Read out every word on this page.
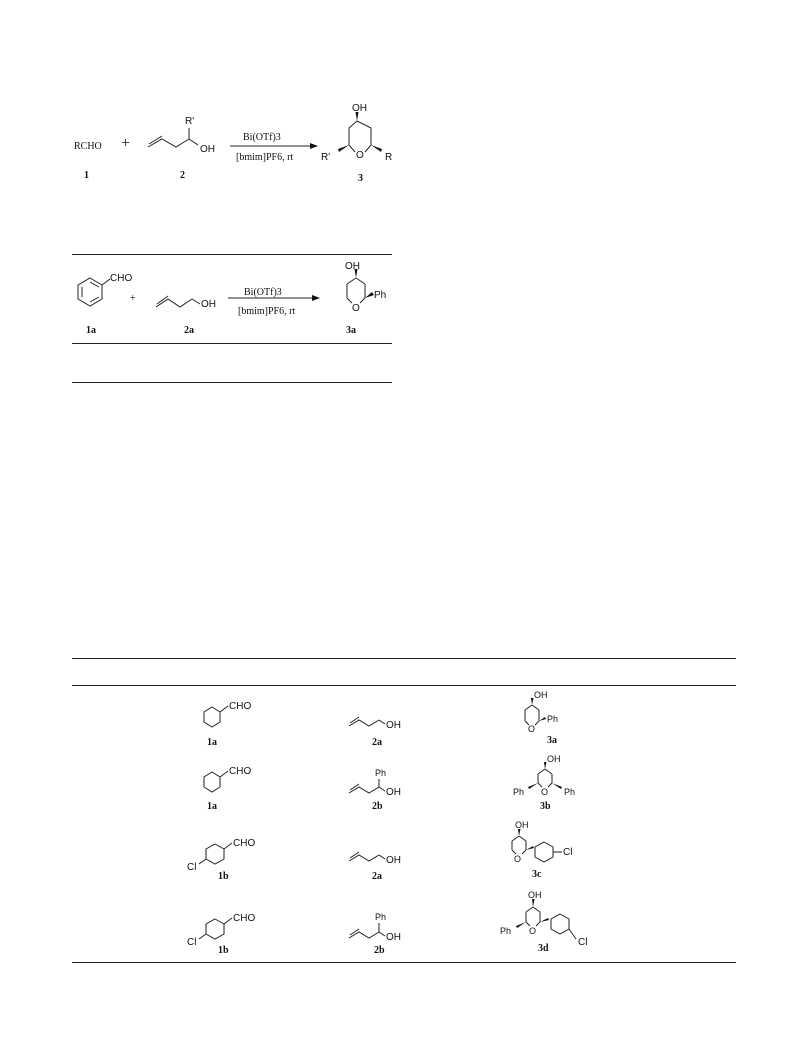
RCHO
1
+
R'
OH
2
Bi(OTf)3
[bmim]PF6, rt
OH
R'	O R
3
CHO
1a
+
OH
2a
Bi(OTf)3
[bmim]PF6, rt
OH
O
Ph
3a
CHO
1a
OH
2a
OH
O
Ph
3a
CHO
1a
Ph
OH
2b
OH
O
Ph	Ph
3b
CHO
Cl
1b
OH
2a
OH
O
Cl
3c
CHO
Cl
1b
Ph
OH
2b
OH
O
Ph
Cl
3d
